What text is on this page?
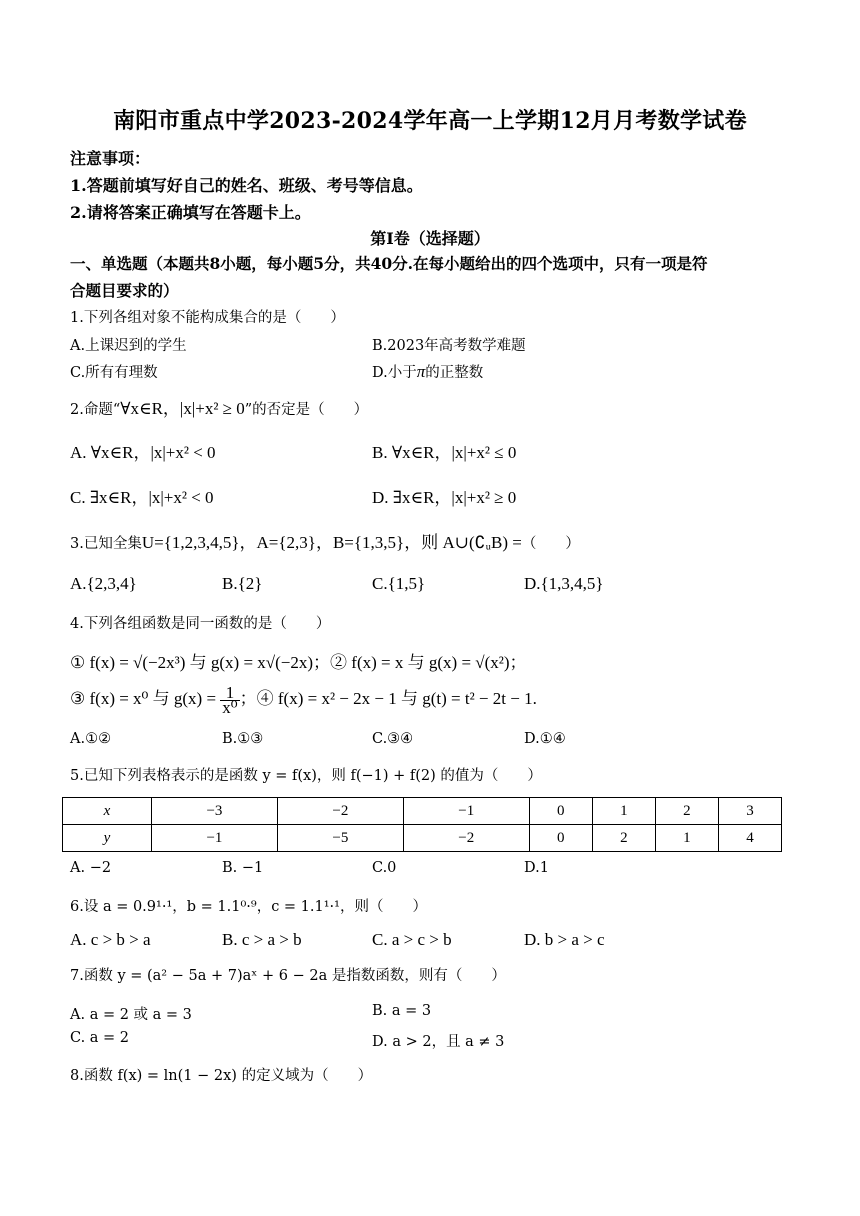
南阳市重点中学2023-2024学年高一上学期12月月考数学试卷
注意事项：
1.答题前填写好自己的姓名、班级、考号等信息。
2.请将答案正确填写在答题卡上。
第Ⅰ卷（选择题）
一、单选题（本题共8小题，每小题5分，共40分.在每小题给出的四个选项中，只有一项是符
合题目要求的）
1.下列各组对象不能构成集合的是（　　）
A.上课迟到的学生	B.2023年高考数学难题
C.所有有理数	D.小于π的正整数
2.命题“∀x∈R，|x|+x² ≥ 0”的否定是（　　）
A. ∀x∈R，|x|+x² < 0	B. ∀x∈R，|x|+x² ≤ 0
C. ∃x∈R，|x|+x² < 0	D. ∃x∈R，|x|+x² ≥ 0
3.已知全集U={1,2,3,4,5}，A={2,3}，B={1,3,5}，则 A∪(∁ᵤB) =（　　）
A.{2,3,4}	B.{2}	C.{1,5}	D.{1,3,4,5}
4.下列各组函数是同一函数的是（　　）
① f(x) = √(−2x³) 与 g(x) = x√(−2x)；② f(x) = x 与 g(x) = √(x²)；
③ f(x) = x⁰ 与 $g(x) = \frac{1}{\text{x⁰}}$ ；④ f(x) = x² − 2x − 1 与 g(t) = t² − 2t − 1.
A.①②	B.①③	C.③④	D.①④
5.已知下列表格表示的是函数 y = f(x)，则 f(−1) + f(2) 的值为（　　）
x	−3	−2	−1	0	1	2	3
y	−1	−5	−2	0	2	1	4
A. −2	B. −1	C.0	D.1
6.设 a = 0.9¹·¹，b = 1.1⁰·⁹，c = 1.1¹·¹，则（　　）
A. c > b > a	B. c > a > b	C. a > c > b	D. b > a > c
7.函数 y = (a² − 5a + 7)aˣ + 6 − 2a 是指数函数，则有（　　）
A. a = 2 或 a = 3	B. a = 3
C. a = 2	D. a > 2，且 a ≠ 3
8.函数 f(x) = ln(1 − 2x) 的定义域为（　　）
